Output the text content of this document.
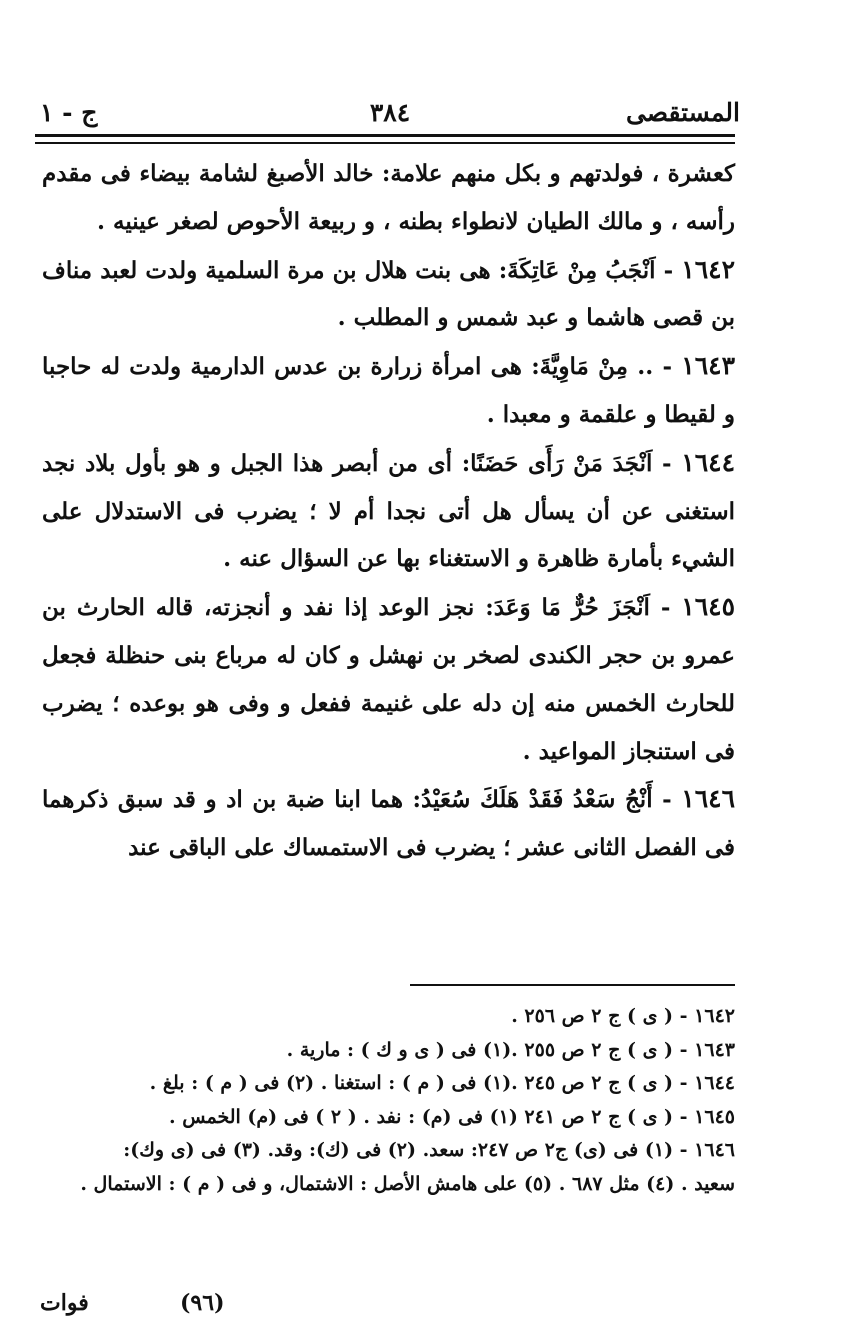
المستقصى
٣٨٤
ج - ١

كعشرة ، فولدتهم و بكل منهم علامة: خالد الأصبغ لشامة بيضاء فى مقدم رأسه ، و مالك الطيان لانطواء بطنه ، و ربيعة الأحوص لصغر عينيه .

١٦٤٢ - اَنْجَبُ مِنْ عَاتِكَةَ: هى بنت هلال بن مرة السلمية ولدت لعبد مناف بن قصى هاشما و عبد شمس و المطلب .

١٦٤٣ - .. مِنْ مَاوِيَّةَ: هى امرأة زرارة بن عدس الدارمية ولدت له حاجبا و لقيطا و علقمة و معبدا .

١٦٤٤ - اَنْجَدَ مَنْ رَأَى حَضَنًا: أى من أبصر هذا الجبل و هو بأول بلاد نجد استغنى عن أن يسأل هل أتى نجدا أم لا ؛ يضرب فى الاستدلال على الشيء بأمارة ظاهرة و الاستغناء بها عن السؤال عنه .

١٦٤٥ - اَنْجَزَ حُرٌّ مَا وَعَدَ: نجز الوعد إذا نفد و أنجزته، قاله الحارث بن عمرو بن حجر الكندى لصخر بن نهشل و كان له مرباع بنى حنظلة فجعل للحارث الخمس منه إن دله على غنيمة ففعل و وفى هو بوعده ؛ يضرب فى استنجاز المواعيد .

١٦٤٦ - أَنْجُ سَعْدُ فَقَدْ هَلَكَ سُعَيْدُ: هما ابنا ضبة بن اد و قد سبق ذكرهما فى الفصل الثانى عشر ؛ يضرب فى الاستمساك على الباقى عند

١٦٤٢ - ( ى ) ج ٢ ص ٢٥٦ .

١٦٤٣ - ( ى ) ج ٢ ص ٢٥٥ .(١) فى ( ى و ك ) : مارية .

١٦٤٤ - ( ى ) ج ٢ ص ٢٤٥ .(١) فى ( م ) : استغنا . (٢) فى ( م ) : بلغ .

١٦٤٥ - ( ى ) ج ٢ ص ٢٤١ (١) فى (م) : نفد . ( ٢ ) فى (م) الخمس .

١٦٤٦ - (١) فى (ى) ج٢ ص ٢٤٧: سعد. (٢) فى (ك): وقد. (٣) فى (ى وك):

سعيد . (٤) مثل ٦٨٧ . (٥) على هامش الأصل : الاشتمال، و فى ( م ) : الاستمال .

(٩٦)
فوات
